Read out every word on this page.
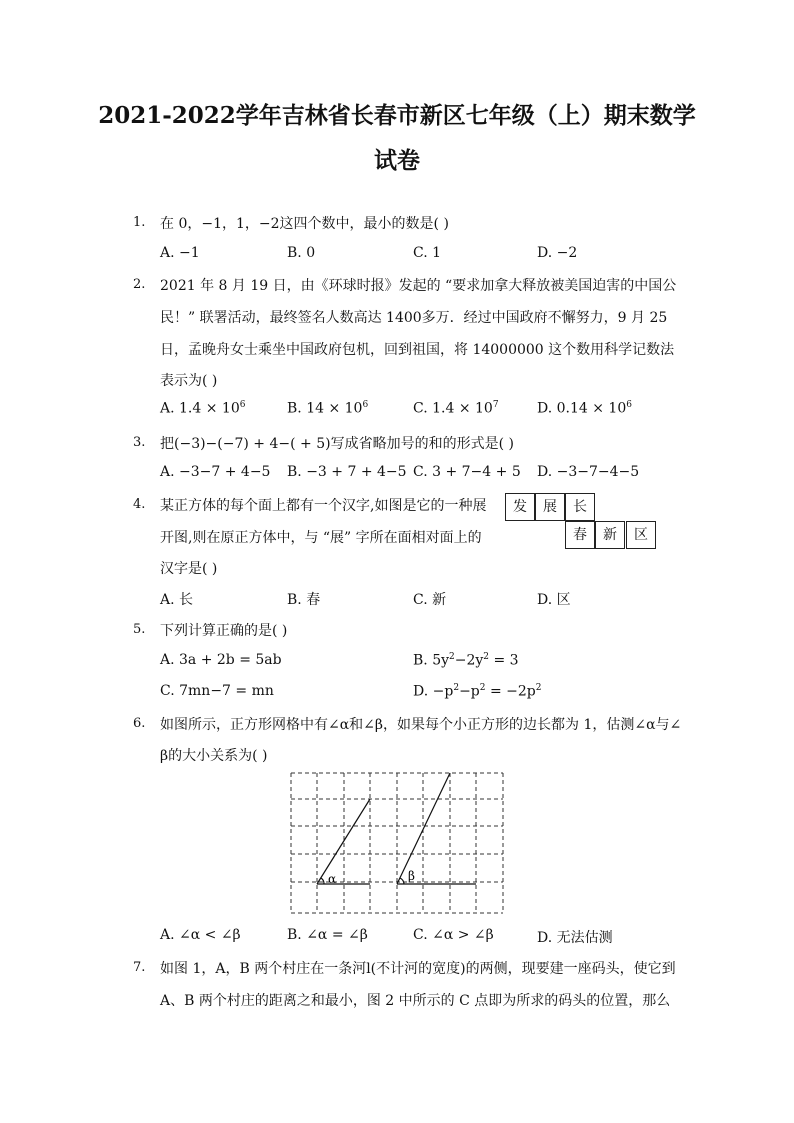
2021-2022学年吉林省长春市新区七年级（上）期末数学
试卷
1. 在 0，−1，1，−2这四个数中，最小的数是( )
A. −1	B. 0	C. 1	D. −2
2. 2021 年 8 月 19 日，由《环球时报》发起的 “要求加拿大释放被美国迫害的中国公
民！” 联署活动，最终签名人数高达 1400多万．经过中国政府不懈努力，9 月 25
日，孟晚舟女士乘坐中国政府包机，回到祖国，将 14000000 这个数用科学记数法
表示为( )
A. $1.4 \times 10^6$	B. $14 \times 10^6$	C. $1.4 \times 10^7$	D. $0.14 \times 10^6$
3. 把(−3)−(−7) + 4−( + 5)写成省略加号的和的形式是( )
A. −3−7 + 4−5 B. −3 + 7 + 4−5 C. 3 + 7−4 + 5 D. −3−7−4−5
4. 某正方体的每个面上都有一个汉字,如图是它的一种展
开图,则在原正方体中，与 “展” 字所在面相对面上的
汉字是( )
发	展	长
春	新	区
A. 长	B. 春	C. 新	D. 区
5. 下列计算正确的是( )
A. 3a + 2b = 5ab	B. $5y^2-2y^2 = 3$
C. 7mn−7 = mn	D. $-p^2-p^2 = -2p^2$
6. 如图所示，正方形网格中有∠α和∠β，如果每个小正方形的边长都为 1，估测∠α与∠
β的大小关系为( )
α	β
A. ∠α < ∠β	B. ∠α = ∠β	C. ∠α > ∠β	D. 无法估测
7. 如图 1，A，B 两个村庄在一条河l(不计河的宽度)的两侧，现要建一座码头，使它到
A、B 两个村庄的距离之和最小，图 2 中所示的 C 点即为所求的码头的位置，那么
